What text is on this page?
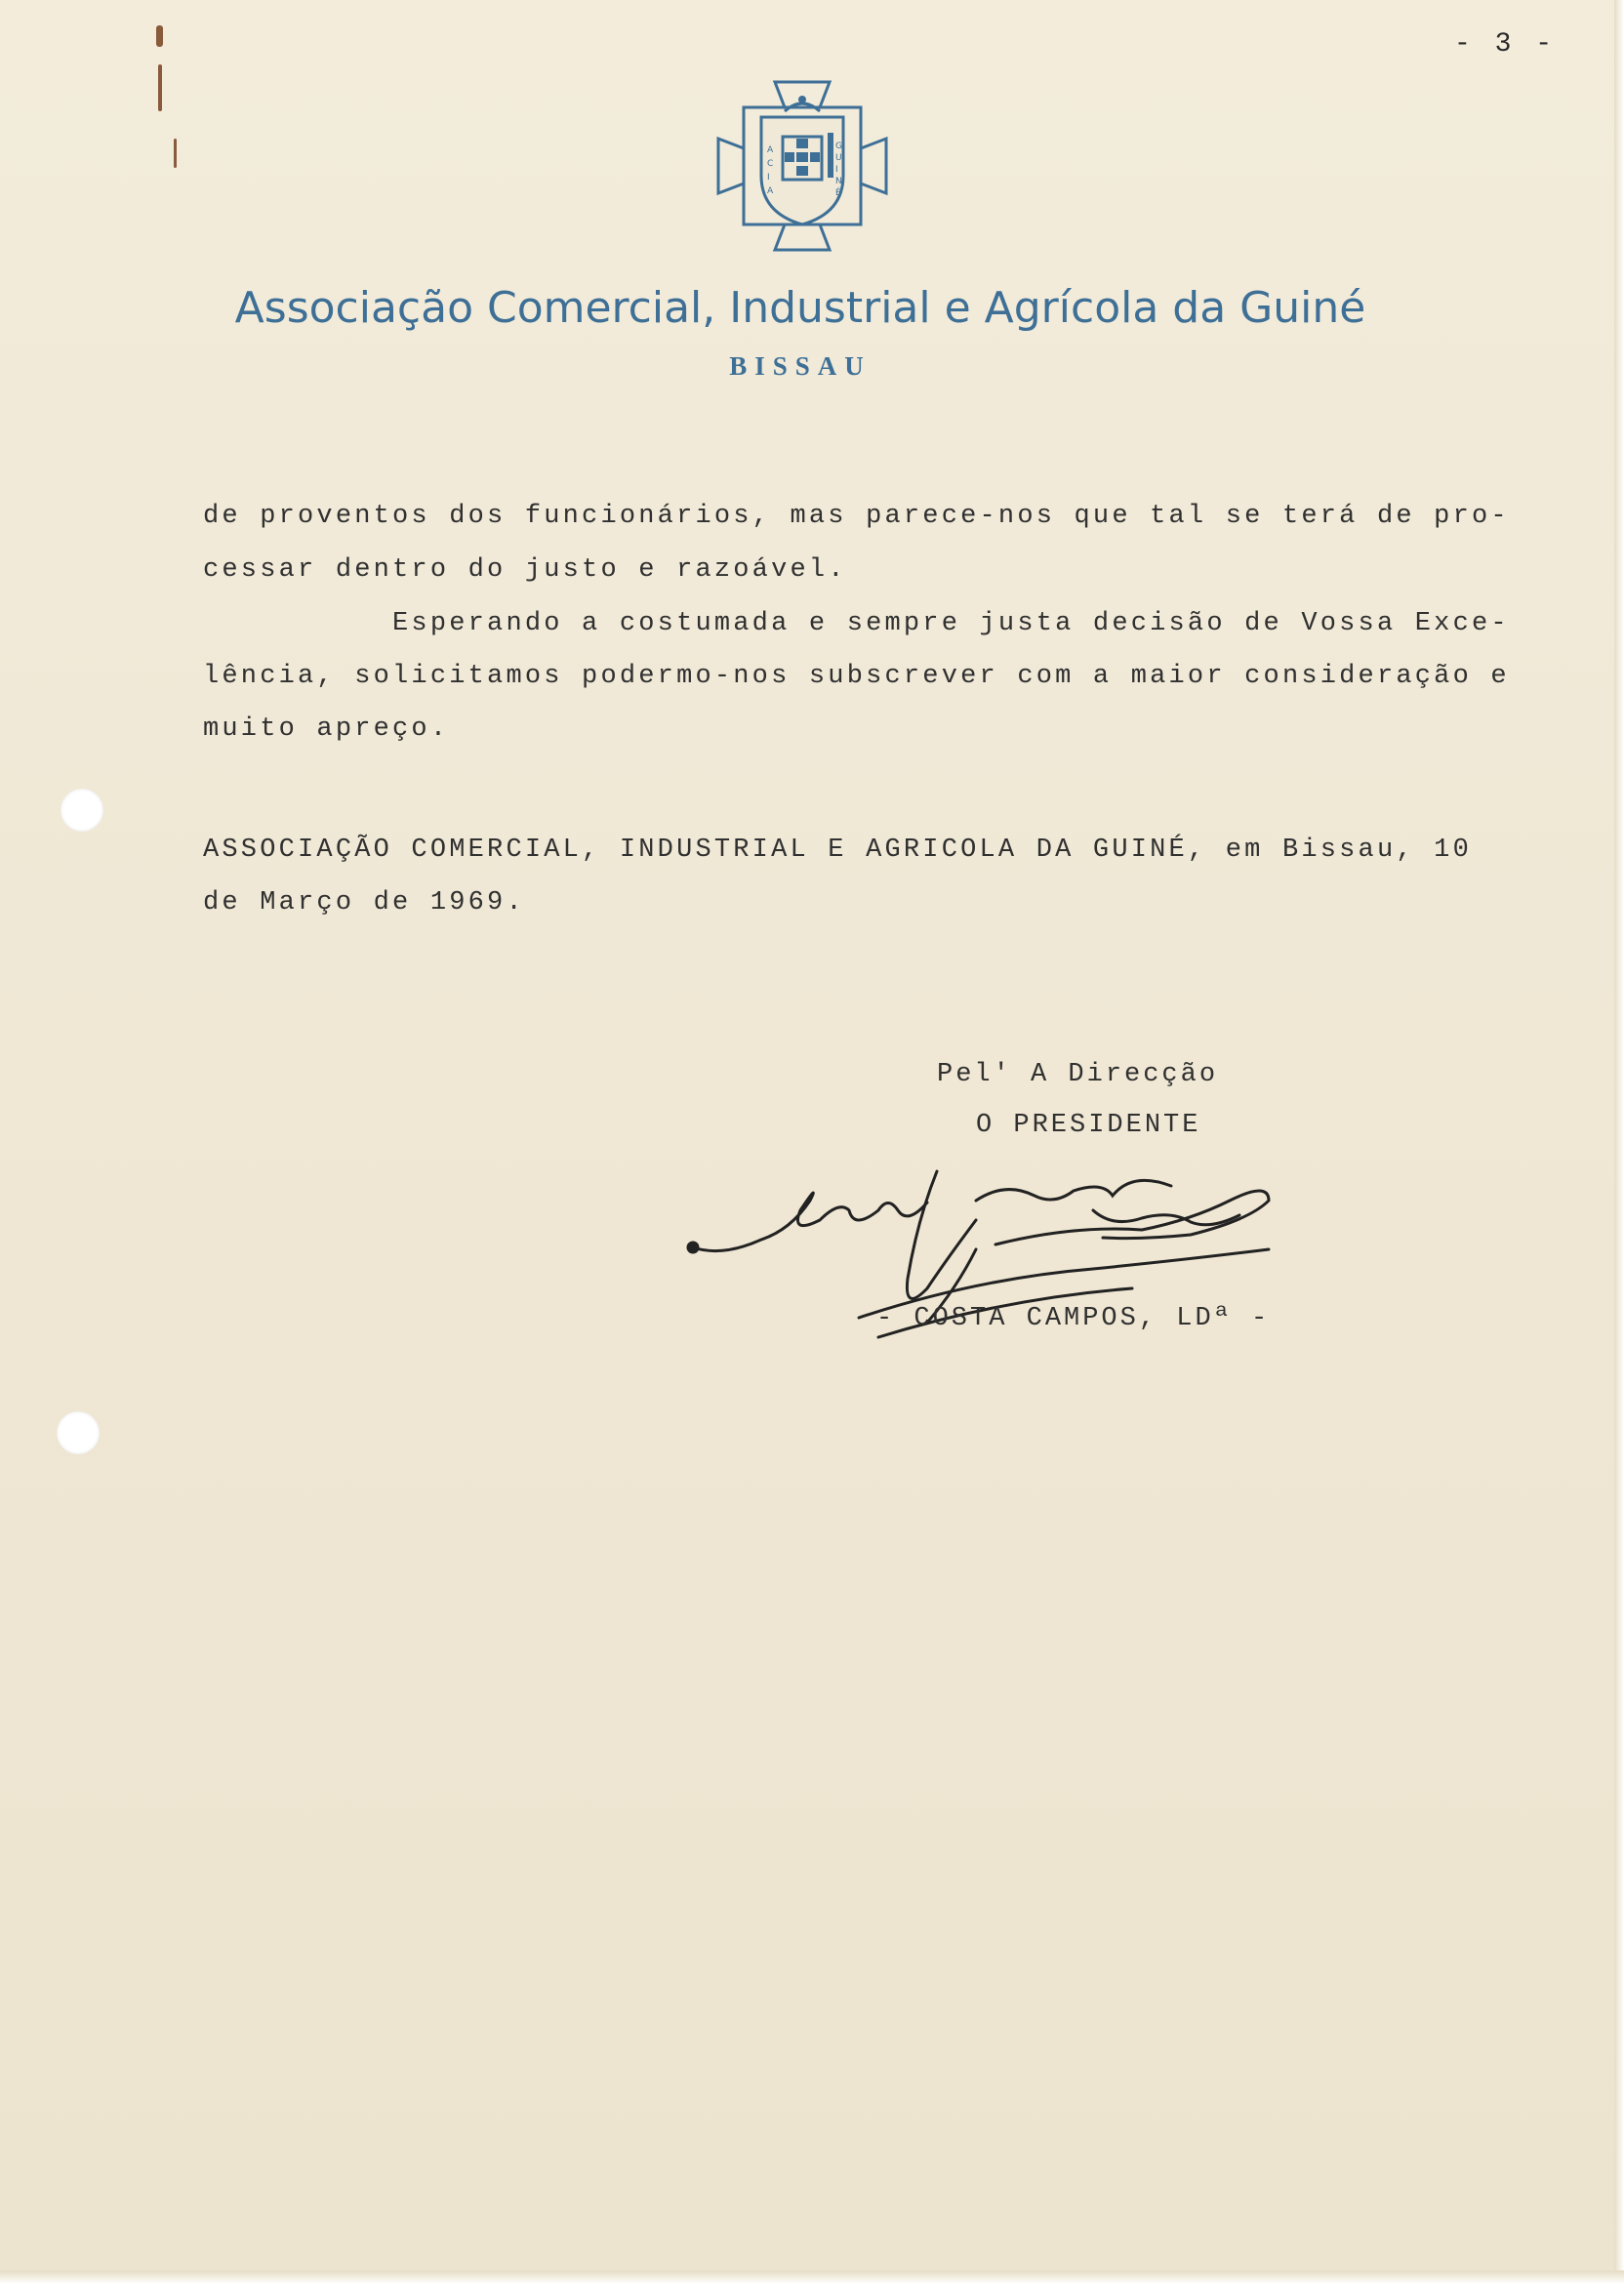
- 3 -
A
C
I
A
G
U
I
N
É
Associação Comercial, Industrial e Agrícola da Guiné
BISSAU
de proventos dos funcionários, mas parece-nos que tal se terá de pro-
cessar dentro do justo e razoável.
Esperando a costumada e sempre justa decisão de Vossa Exce-
lência, solicitamos podermo-nos subscrever com a maior consideração e
muito apreço.
ASSOCIAÇÃO COMERCIAL, INDUSTRIAL E AGRICOLA DA GUINÉ, em Bissau, 10
de Março de 1969.
Pel' A Direcção
O PRESIDENTE
- COSTA CAMPOS, LDª -
